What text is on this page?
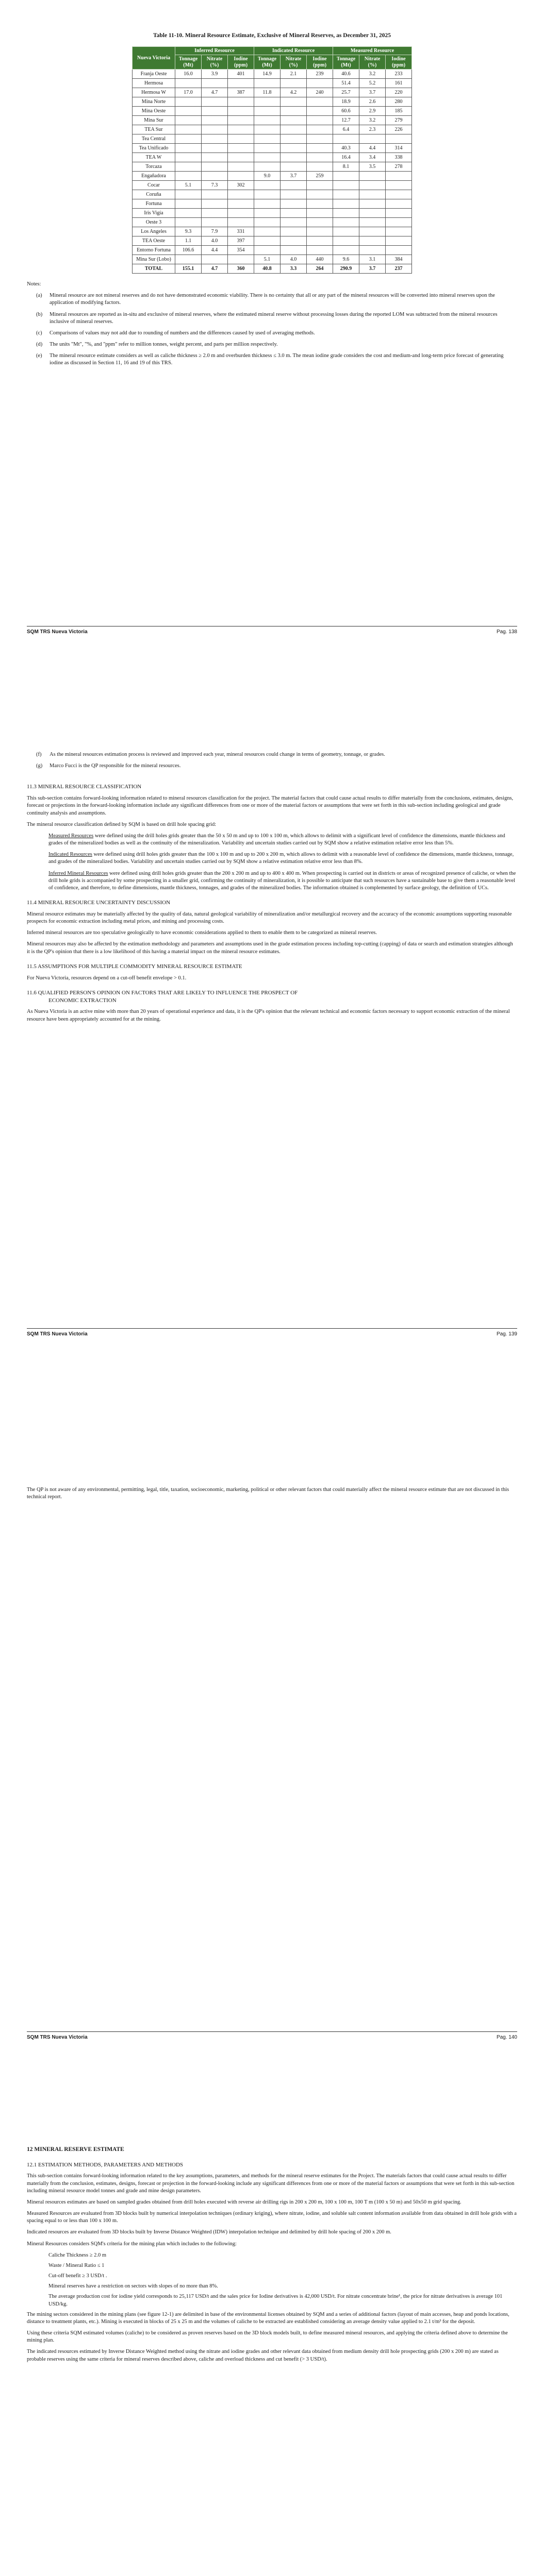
Table 11-10. Mineral Resource Estimate, Exclusive of Mineral Reserves, as December 31, 2025

Nueva Victoria	Inferred Resource			Indicated Resource			Measured Resource		
	Tonnage (Mt)	Nitrate (%)	Iodine (ppm)	Tonnage (Mt)	Nitrate (%)	Iodine (ppm)	Tonnage (Mt)	Nitrate (%)	Iodine (ppm)
Franja Oeste	16.0	3.9	401	14.9	2.1	239	40.6	3.2	233
Hermosa							51.4	5.2	161
Hermosa W	17.0	4.7	387	11.8	4.2	240	25.7	3.7	220
Mina Norte							18.9	2.6	280
Mina Oeste							60.6	2.9	185
Mina Sur							12.7	3.2	279
TEA Sur							6.4	2.3	226
Tea Central									
Tea Unificado							40.3	4.4	314
TEA W							16.4	3.4	338
Torcaza							8.1	3.5	278
Engañadora				9.0	3.7	259			
Cocar	5.1	7.3	302						
Coruña									
Fortuna									
Iris Vigía									
Oeste 3									
Los Angeles	9.3	7.9	331						
TEA Oeste	1.1	4.0	397						
Entorno Fortuna	106.6	4.4	354						
Mina Sur (Lobo)				5.1	4.0	440	9.6	3.1	384
TOTAL	155.1	4.7	360	40.8	3.3	264	290.9	3.7	237

Notes:

(a)	Mineral resource are not mineral reserves and do not have demonstrated economic viability. There is no certainty that all or any part of the mineral resources will be converted into mineral reserves upon the application of modifying factors.
(b)	Mineral resources are reported as in-situ and exclusive of mineral reserves, where the estimated mineral reserve without processing losses during the reported LOM was subtracted from the mineral resources inclusive of mineral reserves.
(c)	Comparisons of values may not add due to rounding of numbers and the differences caused by used of averaging methods.
(d)	The units "Mt", "%, and "ppm" refer to million tonnes, weight percent, and parts per million respectively.
(e)	The mineral resource estimate considers as well as caliche thickness ≥ 2.0 m and overburden thickness ≤ 3.0 m. The mean iodine grade considers the cost and medium-and long-term price forecast of generating iodine as discussed in Section 11, 16 and 19 of this TRS.
SQM TRS Nueva Victoria	Pag. 138
(f)	As the mineral resources estimation process is reviewed and improved each year, mineral resources could change in terms of geometry, tonnage, or grades.
(g)	Marco Fucci is the QP responsible for the mineral resources.

11.3 MINERAL RESOURCE CLASSIFICATION

This sub-section contains forward-looking information related to mineral resources classification for the project. The material factors that could cause actual results to differ materially from the conclusions, estimates, designs, forecast or projections in the forward-looking information include any significant differences from one or more of the material factors or assumptions that were set forth in this sub-section including geological and grade continuity analysis and assumptions.

The mineral resource classification defined by SQM is based on drill hole spacing grid:

Measured Resources were defined using the drill holes grids greater than the 50 x 50 m and up to 100 x 100 m, which allows to delimit with a significant level of confidence the dimensions, mantle thickness and grades of the mineralized bodies as well as the continuity of the mineralization. Variability and uncertain studies carried out by SQM show a relative estimation relative error less than 5%.

Indicated Resources were defined using drill holes grids greater than the 100 x 100 m and up to 200 x 200 m, which allows to delimit with a reasonable level of confidence the dimensions, mantle thickness, tonnage, and grades of the mineralized bodies. Variability and uncertain studies carried out by SQM show a relative estimation relative error less than 8%.

Inferred Mineral Resources were defined using drill holes grids greater than the 200 x 200 m and up to 400 x 400 m. When prospecting is carried out in districts or areas of recognized presence of caliche, or when the drill hole grids is accompanied by some prospecting in a smaller grid, confirming the continuity of mineralization, it is possible to anticipate that such resources have a sustainable base to give them a reasonable level of confidence, and therefore, to define dimensions, mantle thickness, tonnages, and grades of the mineralized bodies. The information obtained is complemented by surface geology, the definition of UCs.

11.4 MINERAL RESOURCE UNCERTAINTY DISCUSSION

Mineral resource estimates may be materially affected by the quality of data, natural geological variability of mineralization and/or metallurgical recovery and the accuracy of the economic assumptions supporting reasonable prospects for economic extraction including metal prices, and mining and processing costs.

Inferred mineral resources are too speculative geologically to have economic considerations applied to them to enable them to be categorized as mineral reserves.

Mineral resources may also be affected by the estimation methodology and parameters and assumptions used in the grade estimation process including top-cutting (capping) of data or search and estimation strategies although it is the QP's opinion that there is a low likelihood of this having a material impact on the mineral resource estimates.

11.5 ASSUMPTIONS FOR MULTIPLE COMMODITY MINERAL RESOURCE ESTIMATE

For Nueva Victoria, resources depend on a cut-off benefit envelope > 0.1.

11.6 QUALIFIED PERSON'S OPINION ON FACTORS THAT ARE LIKELY TO INFLUENCE THE PROSPECT OF
ECONOMIC EXTRACTION

As Nueva Victoria is an active mine with more than 20 years of operational experience and data, it is the QP's opinion that the relevant technical and economic factors necessary to support economic extraction of the mineral resource have been appropriately accounted for at the mining.

SQM TRS Nueva Victoria	Pag. 139

The QP is not aware of any environmental, permitting, legal, title, taxation, socioeconomic, marketing, political or other relevant factors that could materially affect the mineral resource estimate that are not discussed in this technical report.

SQM TRS Nueva Victoria	Pag. 140

12 MINERAL RESERVE ESTIMATE

12.1 ESTIMATION METHODS, PARAMETERS AND METHODS

This sub-section contains forward-looking information related to the key assumptions, parameters, and methods for the mineral reserve estimates for the Project. The materials factors that could cause actual results to differ materially from the conclusion, estimates, designs, forecast or projection in the forward-looking include any significant differences from one or more of the material factors or assumptions that were set forth in this sub-section including mineral resource model tonnes and grade and mine design parameters.

Mineral resources estimates are based on sampled grades obtained from drill holes executed with reverse air drilling rigs in 200 x 200 m, 100 x 100 m, 100 T m (100 x 50 m) and 50x50 m grid spacing.

Measured Resources are evaluated from 3D blocks built by numerical interpolation techniques (ordinary kriging), where nitrate, iodine, and soluble salt content information available from data obtained in drill hole grids with a spacing equal to or less than 100 x 100 m.

Indicated resources are evaluated from 3D blocks built by Inverse Distance Weighted (IDW) interpolation technique and delimited by drill hole spacing of 200 x 200 m.

Mineral Resources considers SQM's criteria for the mining plan which includes to the following:

Caliche Thickness ≥ 2.0 m

Waste / Mineral Ratio ≤ 1

Cut-off benefit ≥ 3 USD/t .

Mineral reserves have a restriction on sectors with slopes of no more than 8%.

The average production cost for iodine yield corresponds to 25,117 USD/t and the sales price for Iodine derivatives is 42,000 USD/t. For nitrate concentrate brine¹, the price for nitrate derivatives is average 101 USD/kg.

The mining sectors considered in the mining plans (see figure 12-1) are delimited in base of the environmental licenses obtained by SQM and a series of additional factors (layout of main accesses, heap and ponds locations, distance to treatment plants, etc.). Mining is executed in blocks of 25 x 25 m and the volumes of caliche to be extracted are established considering an average density value applied to 2.1 t/m³ for the deposit.

Using these criteria SQM estimated volumes (caliche) to be considered as proven reserves based on the 3D block models built, to define measured mineral resources, and applying the criteria defined above to determine the mining plan.

The indicated resources estimated by Inverse Distance Weighted method using the nitrate and iodine grades and other relevant data obtained from medium density drill hole prospecting grids (200 x 200 m) are stated as probable reserves using the same criteria for mineral reserves described above, caliche and overload thickness and cut benefit (> 3 USD/t).
